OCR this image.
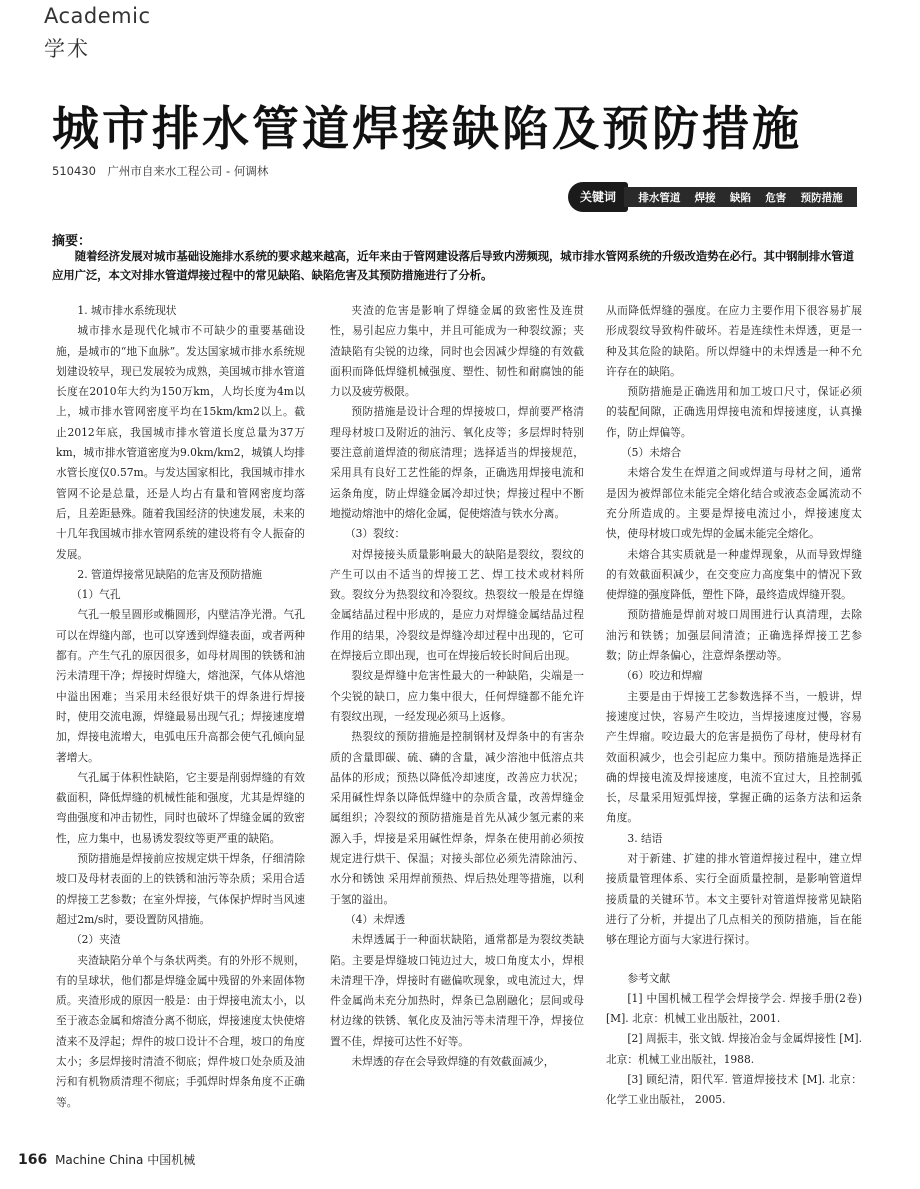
Academic
学术
城市排水管道焊接缺陷及预防措施
510430　广州市自来水工程公司 - 何调林
关键词	排水管道 焊接 缺陷 危害 预防措施
摘要：

随着经济发展对城市基础设施排水系统的要求越来越高，近年来由于管网建设落后导致内涝频现，城市排水管网系统的升级改造势在必行。其中钢制排水管道应用广泛，本文对排水管道焊接过程中的常见缺陷、缺陷危害及其预防措施进行了分析。

1. 城市排水系统现状

城市排水是现代化城市不可缺少的重要基础设施，是城市的“地下血脉”。发达国家城市排水系统规划建设较早，现已发展较为成熟，美国城市排水管道长度在2010年大约为150万km，人均长度为4m以上，城市排水管网密度平均在15km/km2以上。截止2012年底，我国城市排水管道长度总量为37万km，城市排水管道密度为9.0km/km2，城镇人均排水管长度仅0.57m。与发达国家相比，我国城市排水管网不论是总量，还是人均占有量和管网密度均落后，且差距悬殊。随着我国经济的快速发展，未来的十几年我国城市排水管网系统的建设将有令人振奋的发展。

2. 管道焊接常见缺陷的危害及预防措施

（1）气孔

气孔一般呈圆形或椭圆形，内壁洁净光滑。气孔可以在焊缝内部，也可以穿透到焊缝表面，或者两种都有。产生气孔的原因很多，如母材周围的铁锈和油污未清理干净；焊接时焊缝大，熔池深，气体从熔池中溢出困难；当采用未经很好烘干的焊条进行焊接时，使用交流电源，焊缝最易出现气孔；焊接速度增加，焊接电流增大，电弧电压升高都会使气孔倾向显著增大。

气孔属于体积性缺陷，它主要是削弱焊缝的有效截面积，降低焊缝的机械性能和强度，尤其是焊缝的弯曲强度和冲击韧性，同时也破坏了焊缝金属的致密性，应力集中，也易诱发裂纹等更严重的缺陷。

预防措施是焊接前应按规定烘干焊条，仔细清除坡口及母材表面的上的铁锈和油污等杂质；采用合适的焊接工艺参数；在室外焊接，气体保护焊时当风速超过2m/s时，要设置防风措施。

（2）夹渣

夹渣缺陷分单个与条状两类。有的外形不规则，有的呈球状，他们都是焊缝金属中残留的外来固体物质。夹渣形成的原因一般是：由于焊接电流太小，以至于液态金属和熔渣分离不彻底，焊接速度太快使熔渣来不及浮起；焊件的坡口设计不合理，坡口的角度太小；多层焊接时清渣不彻底；焊件坡口处杂质及油污和有机物质清理不彻底；手弧焊时焊条角度不正确等。

夹渣的危害是影响了焊缝金属的致密性及连贯性，易引起应力集中，并且可能成为一种裂纹源；夹渣缺陷有尖锐的边缘，同时也会因减少焊缝的有效截面积而降低焊缝机械强度、塑性、韧性和耐腐蚀的能力以及疲劳极限。

预防措施是设计合理的焊接坡口，焊前要严格清理母材坡口及附近的油污、氧化皮等；多层焊时特别要注意前道焊渣的彻底清理；选择适当的焊接规范，采用具有良好工艺性能的焊条，正确选用焊接电流和运条角度，防止焊缝金属冷却过快；焊接过程中不断地搅动熔池中的熔化金属，促使熔渣与铁水分离。

（3）裂纹：

对焊接接头质量影响最大的缺陷是裂纹，裂纹的产生可以由不适当的焊接工艺、焊工技术或材料所致。裂纹分为热裂纹和冷裂纹。热裂纹一般是在焊缝金属结晶过程中形成的，是应力对焊缝金属结晶过程作用的结果，冷裂纹是焊缝冷却过程中出现的，它可在焊接后立即出现，也可在焊接后较长时间后出现。

裂纹是焊缝中危害性最大的一种缺陷，尖端是一个尖锐的缺口，应力集中很大，任何焊缝都不能允许有裂纹出现，一经发现必须马上返修。

热裂纹的预防措施是控制钢材及焊条中的有害杂质的含量即碳、硫、磷的含量，减少溶池中低溶点共晶体的形成；预热以降低冷却速度，改善应力状况；采用碱性焊条以降低焊缝中的杂质含量，改善焊缝金属组织；冷裂纹的预防措施是首先从减少氢元素的来源入手，焊接是采用碱性焊条，焊条在使用前必须按规定进行烘干、保温；对接头部位必须先清除油污、水分和锈蚀 采用焊前预热、焊后热处理等措施，以利于氢的溢出。

（4）未焊透

未焊透属于一种面状缺陷，通常都是为裂纹类缺陷。主要是焊缝坡口钝边过大，坡口角度太小，焊根未清理干净，焊接时有磁偏吹现象，或电流过大，焊件金属尚未充分加热时，焊条已急剧融化；层间或母材边缘的铁锈、氧化皮及油污等未清理干净，焊接位置不佳，焊接可达性不好等。

未焊透的存在会导致焊缝的有效截面减少，

从而降低焊缝的强度。在应力主要作用下很容易扩展形成裂纹导致构件破坏。若是连续性未焊透，更是一种及其危险的缺陷。所以焊缝中的未焊透是一种不允许存在的缺陷。

预防措施是正确选用和加工坡口尺寸，保证必须的装配间隙，正确选用焊接电流和焊接速度，认真操作，防止焊偏等。

（5）未熔合

未熔合发生在焊道之间或焊道与母材之间，通常是因为被焊部位未能完全熔化结合或液态金属流动不充分所造成的。主要是焊接电流过小，焊接速度太快，使母材坡口或先焊的金属未能完全熔化。

未熔合其实质就是一种虚焊现象，从而导致焊缝的有效截面积减少，在交变应力高度集中的情况下致使焊缝的强度降低，塑性下降，最终造成焊缝开裂。

预防措施是焊前对坡口周围进行认真清理，去除油污和铁锈；加强层间清渣；正确选择焊接工艺参数；防止焊条偏心，注意焊条摆动等。

（6）咬边和焊瘤

主要是由于焊接工艺参数选择不当，一般讲，焊接速度过快，容易产生咬边，当焊接速度过慢，容易产生焊瘤。咬边最大的危害是损伤了母材，使母材有效面积减少，也会引起应力集中。预防措施是选择正确的焊接电流及焊接速度，电流不宜过大，且控制弧长，尽量采用短弧焊接，掌握正确的运条方法和运条角度。

3. 结语

对于新建、扩建的排水管道焊接过程中，建立焊接质量管理体系、实行全面质量控制，是影响管道焊接质量的关键环节。本文主要针对管道焊接常见缺陷进行了分析，并提出了几点相关的预防措施，旨在能够在理论方面与大家进行探讨。

参考文献

[1] 中国机械工程学会焊接学会. 焊接手册(2卷)[M]. 北京：机械工业出版社，2001.

[2] 周振丰，张文钺. 焊接冶金与金属焊接性 [M]. 北京：机械工业出版社，1988.

[3] 顾纪清，阳代军. 管道焊接技术 [M]. 北京：化学工业出版社， 2005.

166 Machine China 中国机械
